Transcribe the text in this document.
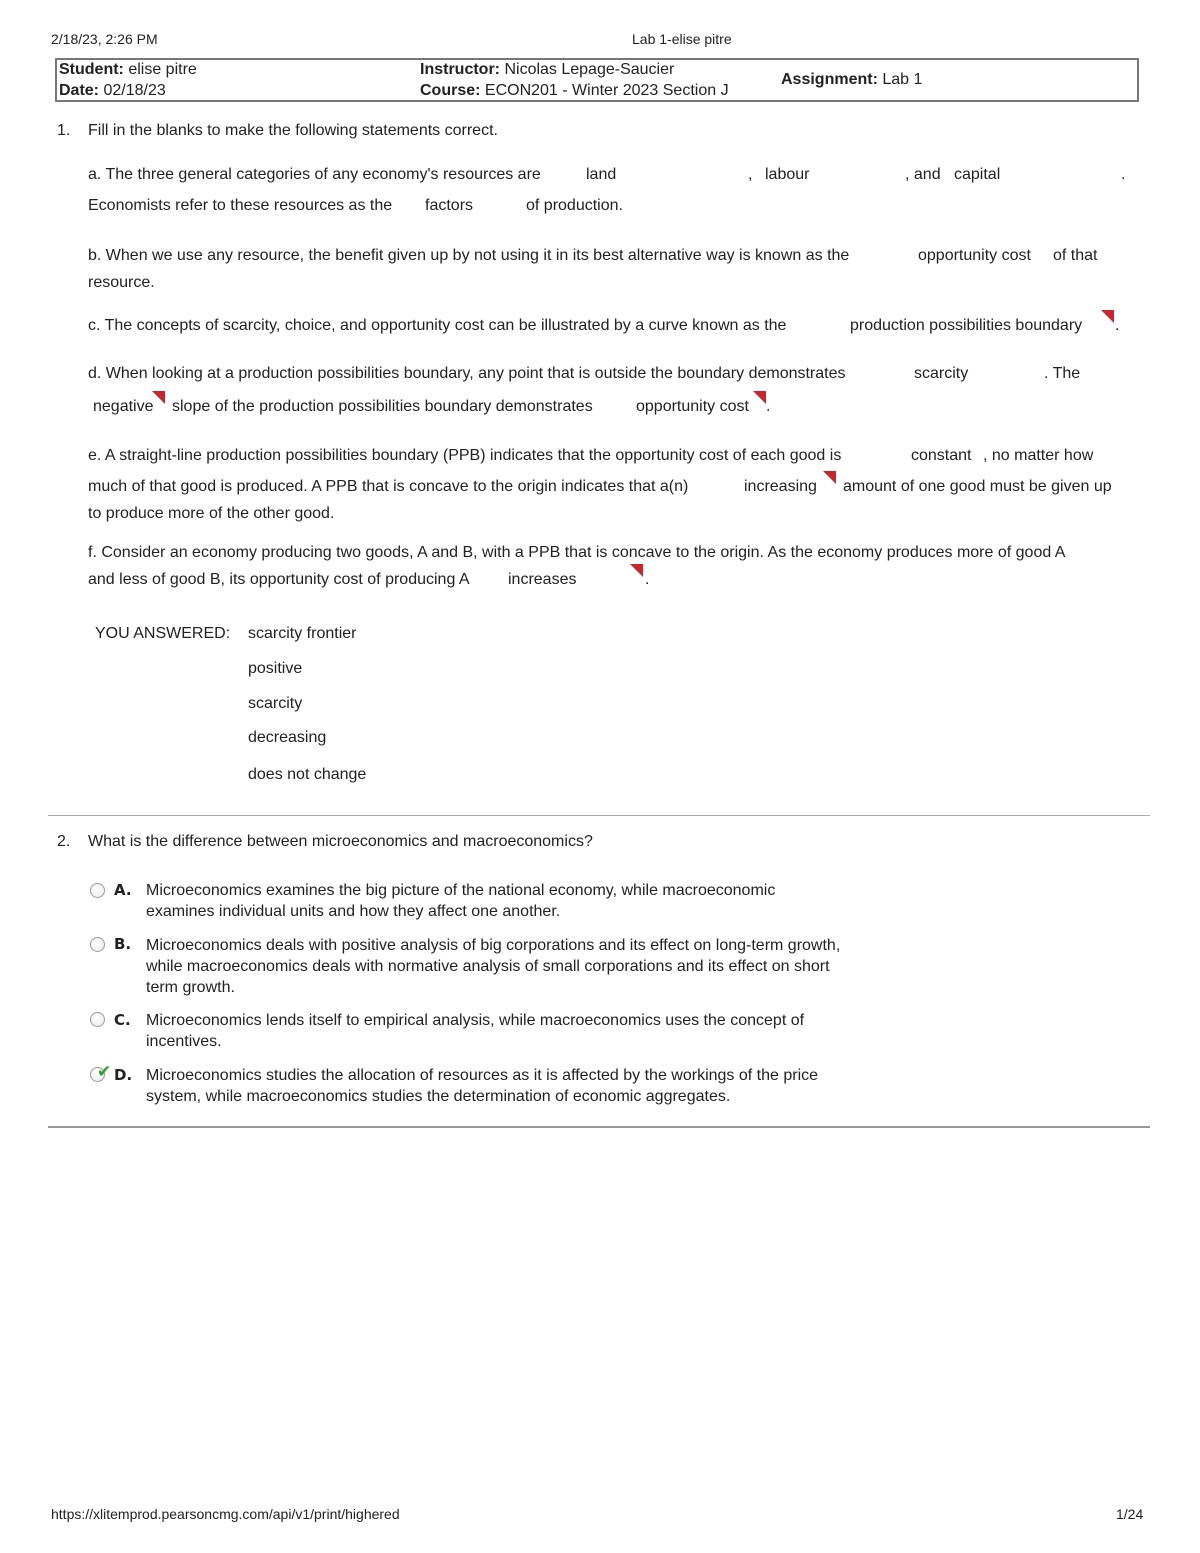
2/18/23, 2:26 PM	Lab 1-elise pitre
Student: elise pitre
Date: 02/18/23
Instructor: Nicolas Lepage-Saucier
Course: ECON201 - Winter 2023 Section J
Assignment: Lab 1
1. Fill in the blanks to make the following statements correct.
a. The three general categories of any economy's resources are	land	, labour	, and capital	.
Economists refer to these resources as the factors	of production.
b. When we use any resource, the benefit given up by not using it in its best alternative way is known as the	opportunity cost of that
resource.
c. The concepts of scarcity, choice, and opportunity cost can be illustrated by a curve known as the	production possibilities boundary .
d. When looking at a production possibilities boundary, any point that is outside the boundary demonstrates	scarcity	. The
negative slope of the production possibilities boundary demonstrates	opportunity cost .
e. A straight-line production possibilities boundary (PPB) indicates that the opportunity cost of each good is	constant , no matter how
much of that good is produced. A PPB that is concave to the origin indicates that a(n)	increasing amount of one good must be given up
to produce more of the other good.
f. Consider an economy producing two goods, A and B, with a PPB that is concave to the origin. As the economy produces more of good A
and less of good B, its opportunity cost of producing A increases	.
YOU ANSWERED: scarcity frontier
positive
scarcity
decreasing
does not change
2. What is the difference between microeconomics and macroeconomics?
A. Microeconomics examines the big picture of the national economy, while macroeconomic examines individual units and how they affect one another.
B. Microeconomics deals with positive analysis of big corporations and its effect on long-term growth, while macroeconomics deals with normative analysis of small corporations and its effect on short term growth.
C. Microeconomics lends itself to empirical analysis, while macroeconomics uses the concept of incentives.
✔ D. Microeconomics studies the allocation of resources as it is affected by the workings of the price system, while macroeconomics studies the determination of economic aggregates.
https://xlitemprod.pearsoncmg.com/api/v1/print/highered	1/24
